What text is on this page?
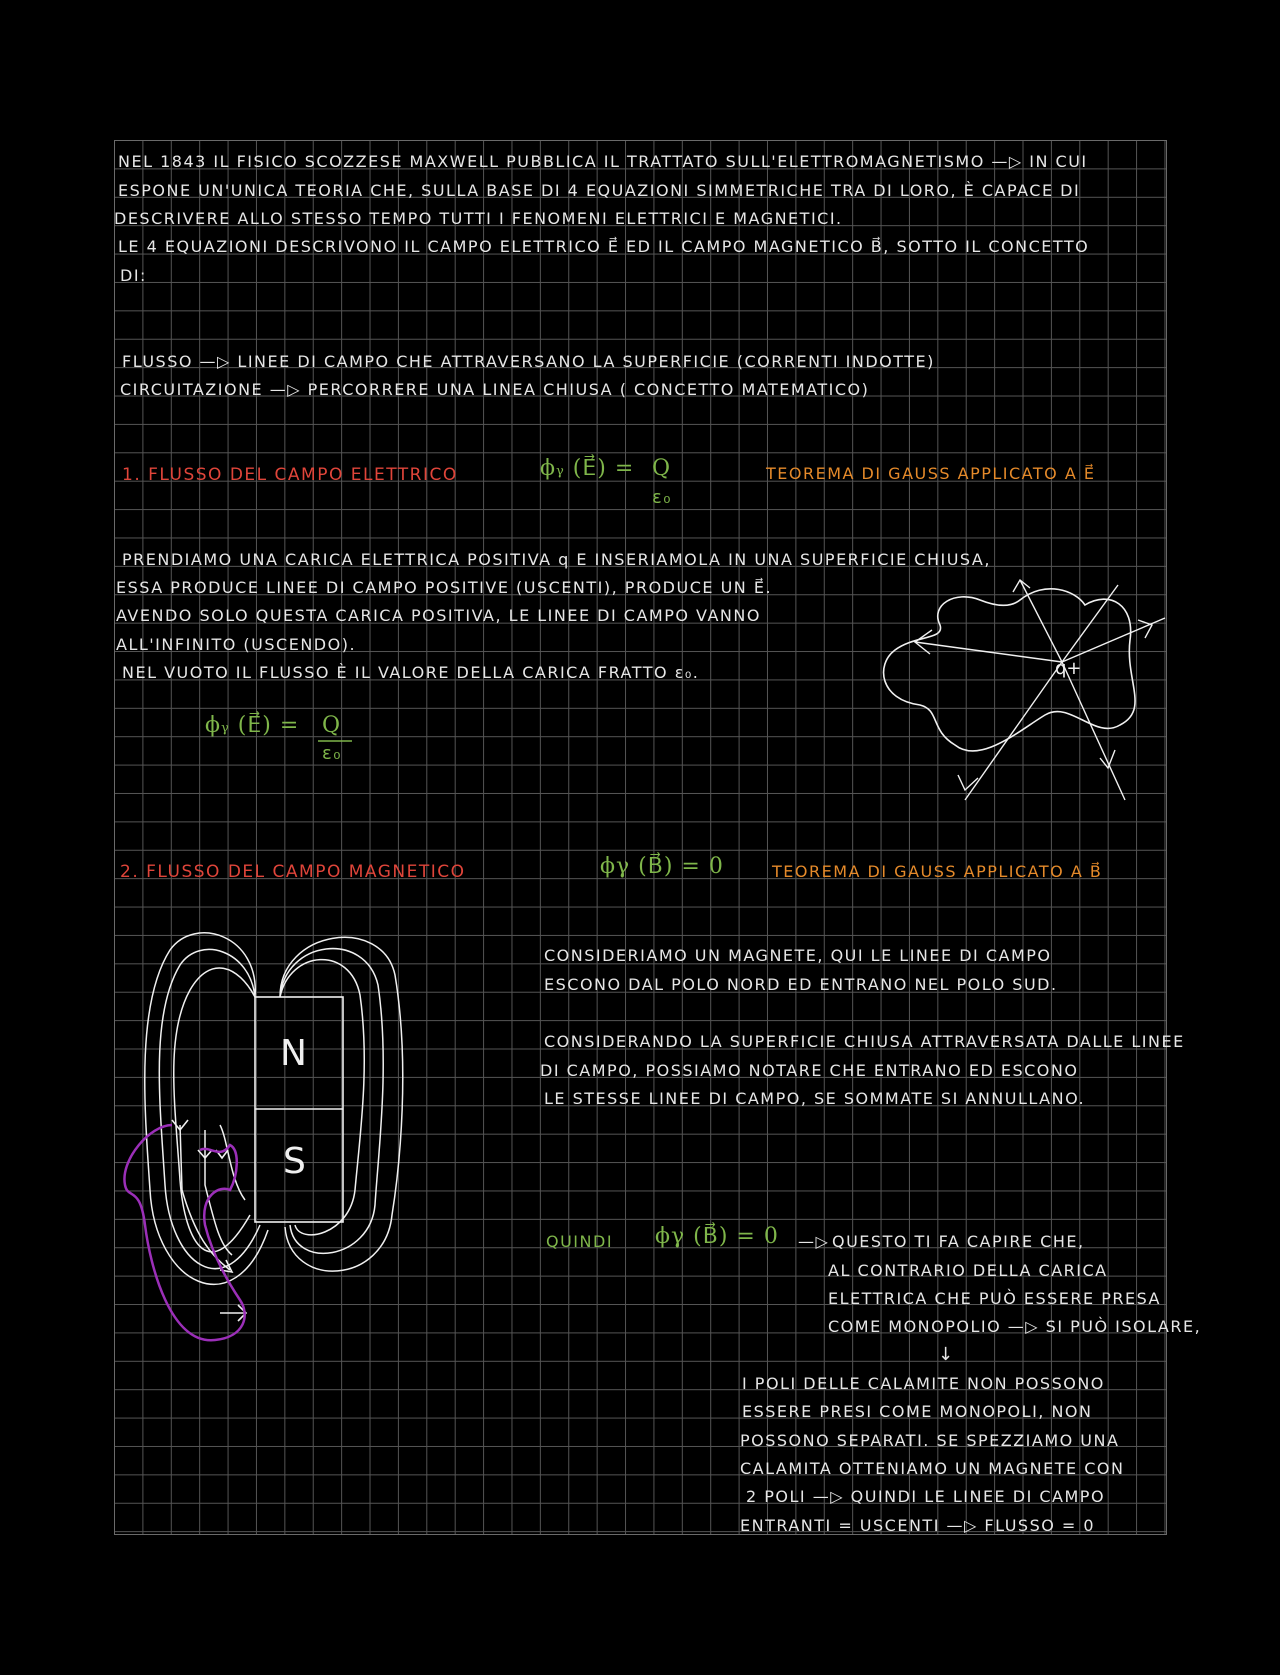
NEL 1843 IL FISICO SCOZZESE MAXWELL PUBBLICA IL TRATTATO SULL'ELETTROMAGNETISMO —▷ IN CUI
ESPONE UN'UNICA TEORIA CHE, SULLA BASE DI 4 EQUAZIONI SIMMETRICHE TRA DI LORO, È CAPACE DI
DESCRIVERE ALLO STESSO TEMPO TUTTI I FENOMENI ELETTRICI E MAGNETICI.
LE 4 EQUAZIONI DESCRIVONO IL CAMPO ELETTRICO E⃗ ED IL CAMPO MAGNETICO B⃗, SOTTO IL CONCETTO
DI:
FLUSSO —▷ LINEE DI CAMPO CHE ATTRAVERSANO LA SUPERFICIE (CORRENTI INDOTTE)
CIRCUITAZIONE —▷ PERCORRERE UNA LINEA CHIUSA ( CONCETTO MATEMATICO)
1. FLUSSO DEL CAMPO ELETTRICO	ϕγ (E⃗) = Q
ε₀
TEOREMA DI GAUSS APPLICATO A E⃗
PRENDIAMO UNA CARICA ELETTRICA POSITIVA q E INSERIAMOLA IN UNA SUPERFICIE CHIUSA,
ESSA PRODUCE LINEE DI CAMPO POSITIVE (USCENTI), PRODUCE UN E⃗.
AVENDO SOLO QUESTA CARICA POSITIVA, LE LINEE DI CAMPO VANNO
ALL'INFINITO (USCENDO).
NEL VUOTO IL FLUSSO È IL VALORE DELLA CARICA FRATTO ε₀.
ϕγ (E⃗) = Q
ε₀
q+
2. FLUSSO DEL CAMPO MAGNETICO	ϕγ (B⃗) = 0	TEOREMA DI GAUSS APPLICATO A B⃗
CONSIDERIAMO UN MAGNETE, QUI LE LINEE DI CAMPO
ESCONO DAL POLO NORD ED ENTRANO NEL POLO SUD.
CONSIDERANDO LA SUPERFICIE CHIUSA ATTRAVERSATA DALLE LINEE
DI CAMPO, POSSIAMO NOTARE CHE ENTRANO ED ESCONO
LE STESSE LINEE DI CAMPO, SE SOMMATE SI ANNULLANO.
QUINDI ϕγ (B⃗) = 0 —▷ QUESTO TI FA CAPIRE CHE,
AL CONTRARIO DELLA CARICA
ELETTRICA CHE PUÒ ESSERE PRESA
COME MONOPOLIO —▷ SI PUÒ ISOLARE,
↓
I POLI DELLE CALAMITE NON POSSONO
ESSERE PRESI COME MONOPOLI, NON
POSSONO SEPARATI. SE SPEZZIAMO UNA
CALAMITA OTTENIAMO UN MAGNETE CON
2 POLI —▷ QUINDI LE LINEE DI CAMPO
ENTRANTI = USCENTI —▷ FLUSSO = 0
N
S
